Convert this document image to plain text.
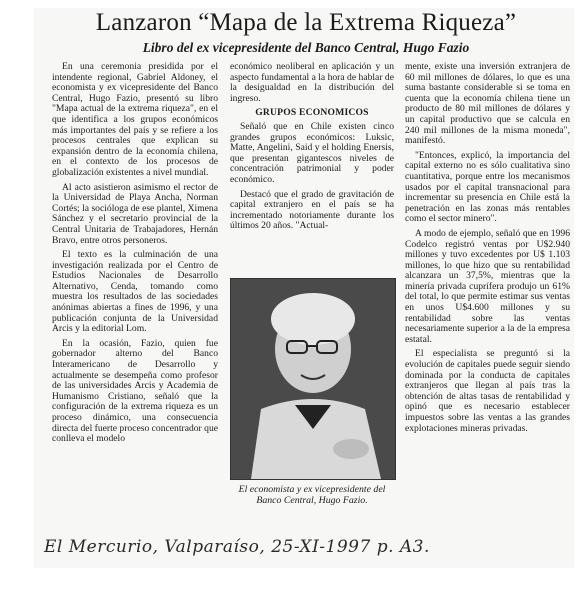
Lanzaron “Mapa de la Extrema Riqueza”
Libro del ex vicepresidente del Banco Central, Hugo Fazio

En una ceremonia presidida por el intendente regional, Gabriel Aldoney, el economista y ex vicepresidente del Banco Central, Hugo Fazio, presentó su libro "Mapa actual de la extrema riqueza", en el que identifica a los grupos económicos más importantes del país y se refiere a los procesos centrales que explican su expansión dentro de la economía chilena, en el contexto de los procesos de globalización existentes a nivel mundial.

Al acto asistieron asimismo el rector de la Universidad de Playa Ancha, Norman Cortés; la socióloga de ese plantel, Ximena Sánchez y el secretario provincial de la Central Unitaria de Trabajadores, Hernán Bravo, entre otros personeros.

El texto es la culminación de una investigación realizada por el Centro de Estudios Nacionales de Desarrollo Alternativo, Cenda, tomando como muestra los resultados de las sociedades anónimas abiertas a fines de 1996, y una publicación conjunta de la Universidad Arcis y la editorial Lom.

En la ocasión, Fazio, quien fue gobernador alterno del Banco Interamericano de Desarrollo y actualmente se desempeña como profesor de las universidades Arcis y Academia de Humanismo Cristiano, señaló que la configuración de la extrema riqueza es un proceso dinámico, una consecuencia directa del fuerte proceso concentrador que conlleva el modelo

económico neoliberal en aplicación y un aspecto fundamental a la hora de hablar de la desigualdad en la distribución del ingreso.

GRUPOS ECONOMICOS

Señaló que en Chile existen cinco grandes grupos económicos: Luksic, Matte, Angelini, Said y el holding Enersis, que presentan gigantescos niveles de concentración patrimonial y poder económico.

Destacó que el grado de gravitación de capital extranjero en el país se ha incrementado notoriamente durante los últimos 20 años. "Actual-

El economista y ex vicepresidente del Banco Central, Hugo Fazio.

mente, existe una inversión extranjera de 60 mil millones de dólares, lo que es una suma bastante considerable si se toma en cuenta que la economía chilena tiene un producto de 80 mil millones de dólares y un capital productivo que se calcula en 240 mil millones de la misma moneda", manifestó.

"Entonces, explicó, la importancia del capital externo no es sólo cualitativa sino cuantitativa, porque entre los mecanismos usados por el capital transnacional para incrementar su presencia en Chile está la penetración en las zonas más rentables como el sector minero".

A modo de ejemplo, señaló que en 1996 Codelco registró ventas por U$2.940 millones y tuvo excedentes por U$ 1.103 millones, lo que hizo que su rentabilidad alcanzara un 37,5%, mientras que la minería privada cuprífera produjo un 61% del total, lo que permite estimar sus ventas en unos U$4.600 millones y su rentabilidad sobre las ventas necesariamente superior a la de la empresa estatal.

El especialista se preguntó si la evolución de capitales puede seguir siendo dominada por la conducta de capitales extranjeros que llegan al país tras la obtención de altas tasas de rentabilidad y opinó que es necesario establecer impuestos sobre las ventas a las grandes explotaciones mineras privadas.

El Mercurio, Valparaíso, 25-XI-1997 p. A3.
